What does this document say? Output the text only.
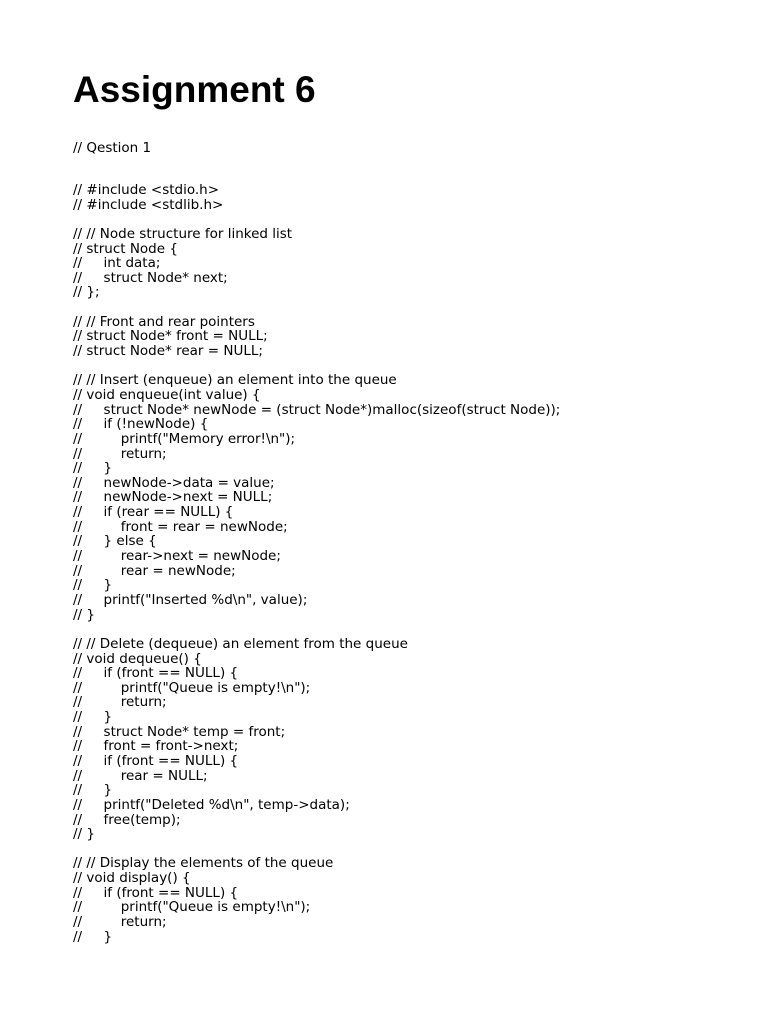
Assignment 6
// Qestion 1
// #include <stdio.h>
// #include <stdlib.h>
// // Node structure for linked list
// struct Node {
//     int data;
//     struct Node* next;
// };
// // Front and rear pointers
// struct Node* front = NULL;
// struct Node* rear = NULL;
// // Insert (enqueue) an element into the queue
// void enqueue(int value) {
//     struct Node* newNode = (struct Node*)malloc(sizeof(struct Node));
//     if (!newNode) {
//         printf("Memory error!\n");
//         return;
//     }
//     newNode->data = value;
//     newNode->next = NULL;
//     if (rear == NULL) {
//         front = rear = newNode;
//     } else {
//         rear->next = newNode;
//         rear = newNode;
//     }
//     printf("Inserted %d\n", value);
// }
// // Delete (dequeue) an element from the queue
// void dequeue() {
//     if (front == NULL) {
//         printf("Queue is empty!\n");
//         return;
//     }
//     struct Node* temp = front;
//     front = front->next;
//     if (front == NULL) {
//         rear = NULL;
//     }
//     printf("Deleted %d\n", temp->data);
//     free(temp);
// }
// // Display the elements of the queue
// void display() {
//     if (front == NULL) {
//         printf("Queue is empty!\n");
//         return;
//     }
